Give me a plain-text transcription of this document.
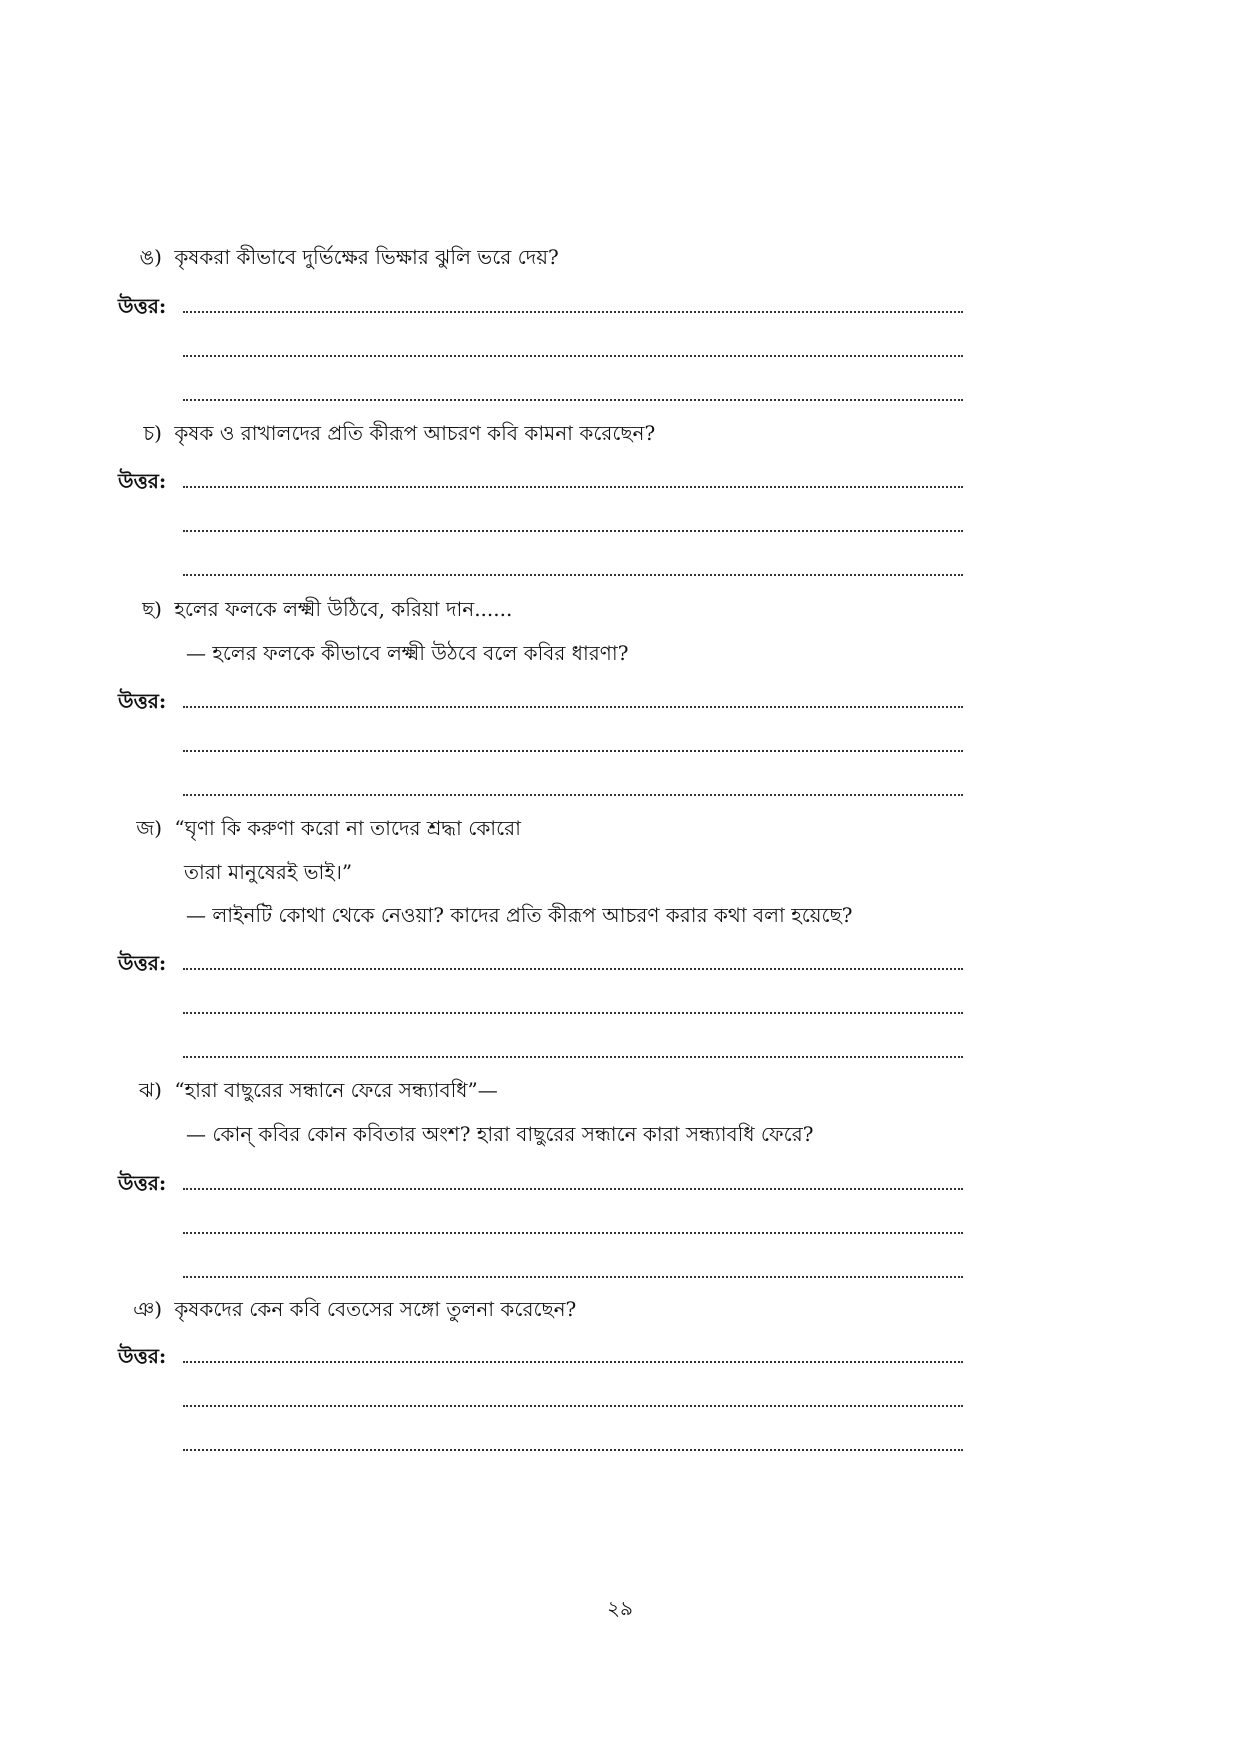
ঙ) কৃষকরা কীভাবে দুর্ভিক্ষের ভিক্ষার ঝুলি ভরে দেয়?
উত্তর:
চ) কৃষক ও রাখালদের প্রতি কীরূপ আচরণ কবি কামনা করেছেন?
উত্তর:
ছ) হলের ফলকে লক্ষ্মী উঠিবে, করিয়া দান......
— হলের ফলকে কীভাবে লক্ষ্মী উঠবে বলে কবির ধারণা?
উত্তর:
জ) “ঘৃণা কি করুণা করো না তাদের শ্রদ্ধা কোরো
তারা মানুষেরই ভাই।”
— লাইনটি কোথা থেকে নেওয়া? কাদের প্রতি কীরূপ আচরণ করার কথা বলা হয়েছে?
উত্তর:
ঝ) “হারা বাছুরের সন্ধানে ফেরে সন্ধ্যাবধি”—
— কোন্ কবির কোন কবিতার অংশ? হারা বাছুরের সন্ধানে কারা সন্ধ্যাবধি ফেরে?
উত্তর:
ঞ) কৃষকদের কেন কবি বেতসের সঙ্গো তুলনা করেছেন?
উত্তর:
২৯
